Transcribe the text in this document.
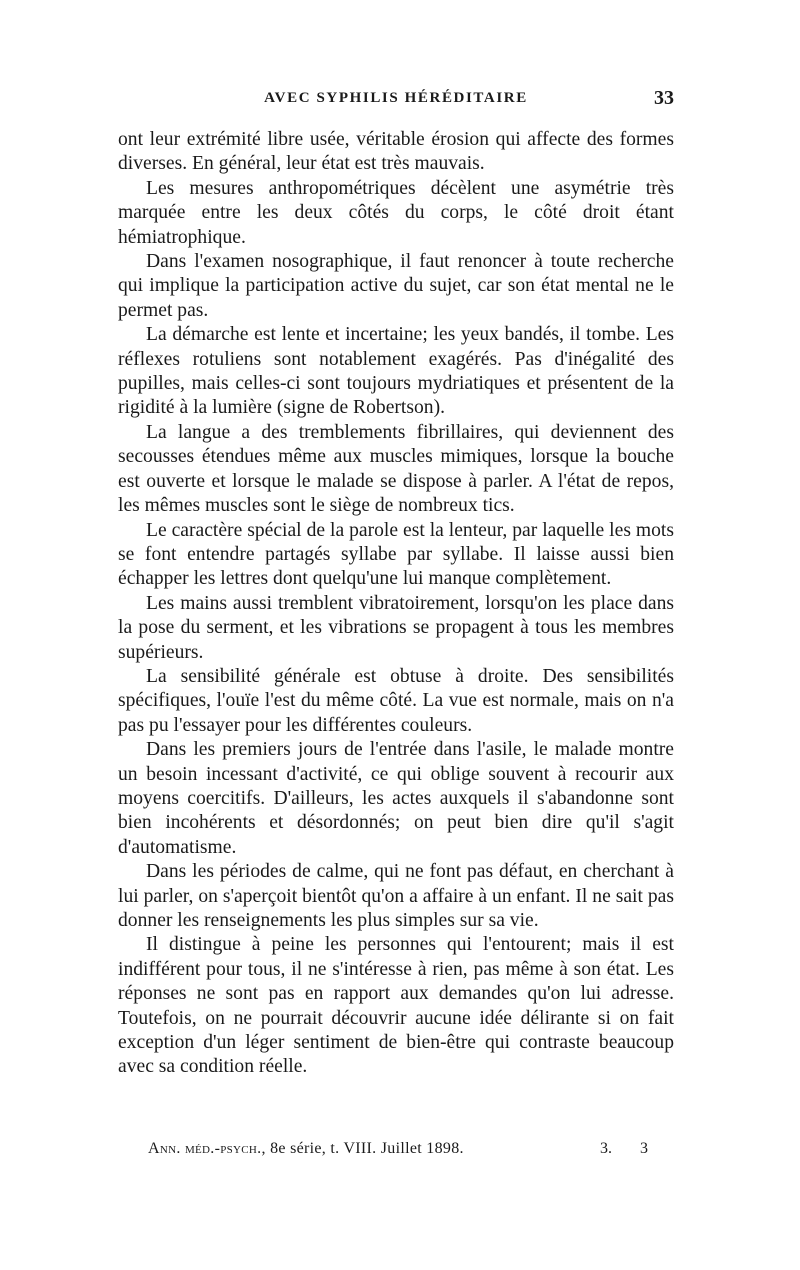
AVEC SYPHILIS HÉRÉDITAIRE	33

ont leur extrémité libre usée, véritable érosion qui affecte des formes diverses. En général, leur état est très mauvais.

Les mesures anthropométriques décèlent une asymétrie très marquée entre les deux côtés du corps, le côté droit étant hémiatrophique.

Dans l'examen nosographique, il faut renoncer à toute recherche qui implique la participation active du sujet, car son état mental ne le permet pas.

La démarche est lente et incertaine; les yeux bandés, il tombe. Les réflexes rotuliens sont notablement exagérés. Pas d'inégalité des pupilles, mais celles-ci sont toujours mydriatiques et présentent de la rigidité à la lumière (signe de Robertson).

La langue a des tremblements fibrillaires, qui deviennent des secousses étendues même aux muscles mimiques, lorsque la bouche est ouverte et lorsque le malade se dispose à parler. A l'état de repos, les mêmes muscles sont le siège de nombreux tics.

Le caractère spécial de la parole est la lenteur, par laquelle les mots se font entendre partagés syllabe par syllabe. Il laisse aussi bien échapper les lettres dont quelqu'une lui manque complètement.

Les mains aussi tremblent vibratoirement, lorsqu'on les place dans la pose du serment, et les vibrations se propagent à tous les membres supérieurs.

La sensibilité générale est obtuse à droite. Des sensibilités spécifiques, l'ouïe l'est du même côté. La vue est normale, mais on n'a pas pu l'essayer pour les différentes couleurs.

Dans les premiers jours de l'entrée dans l'asile, le malade montre un besoin incessant d'activité, ce qui oblige souvent à recourir aux moyens coercitifs. D'ailleurs, les actes auxquels il s'abandonne sont bien incohérents et désordonnés; on peut bien dire qu'il s'agit d'automatisme.

Dans les périodes de calme, qui ne font pas défaut, en cherchant à lui parler, on s'aperçoit bientôt qu'on a affaire à un enfant. Il ne sait pas donner les renseignements les plus simples sur sa vie.

Il distingue à peine les personnes qui l'entourent; mais il est indifférent pour tous, il ne s'intéresse à rien, pas même à son état. Les réponses ne sont pas en rapport aux demandes qu'on lui adresse. Toutefois, on ne pourrait découvrir aucune idée délirante si on fait exception d'un léger sentiment de bien-être qui contraste beaucoup avec sa condition réelle.

Ann. méd.-psych., 8e série, t. VIII. Juillet 1898.	3. 3
